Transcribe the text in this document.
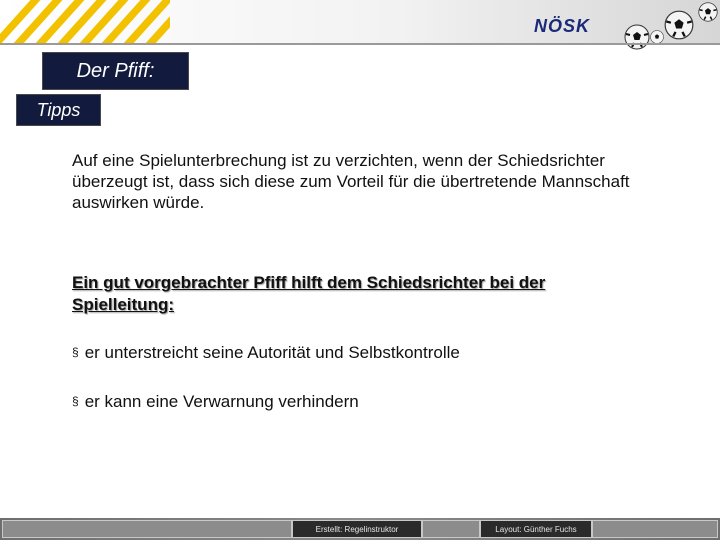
NÖSK
Der Pfiff:
Tipps
Auf eine Spielunterbrechung ist zu verzichten, wenn der Schiedsrichter überzeugt ist, dass sich diese zum Vorteil für die übertretende Mannschaft auswirken würde.
Ein gut vorgebrachter Pfiff hilft dem Schiedsrichter bei der Spielleitung:
§ er unterstreicht seine Autorität und Selbstkontrolle
§ er kann eine Verwarnung verhindern
Erstellt: Regelinstruktor	Layout: Günther Fuchs
